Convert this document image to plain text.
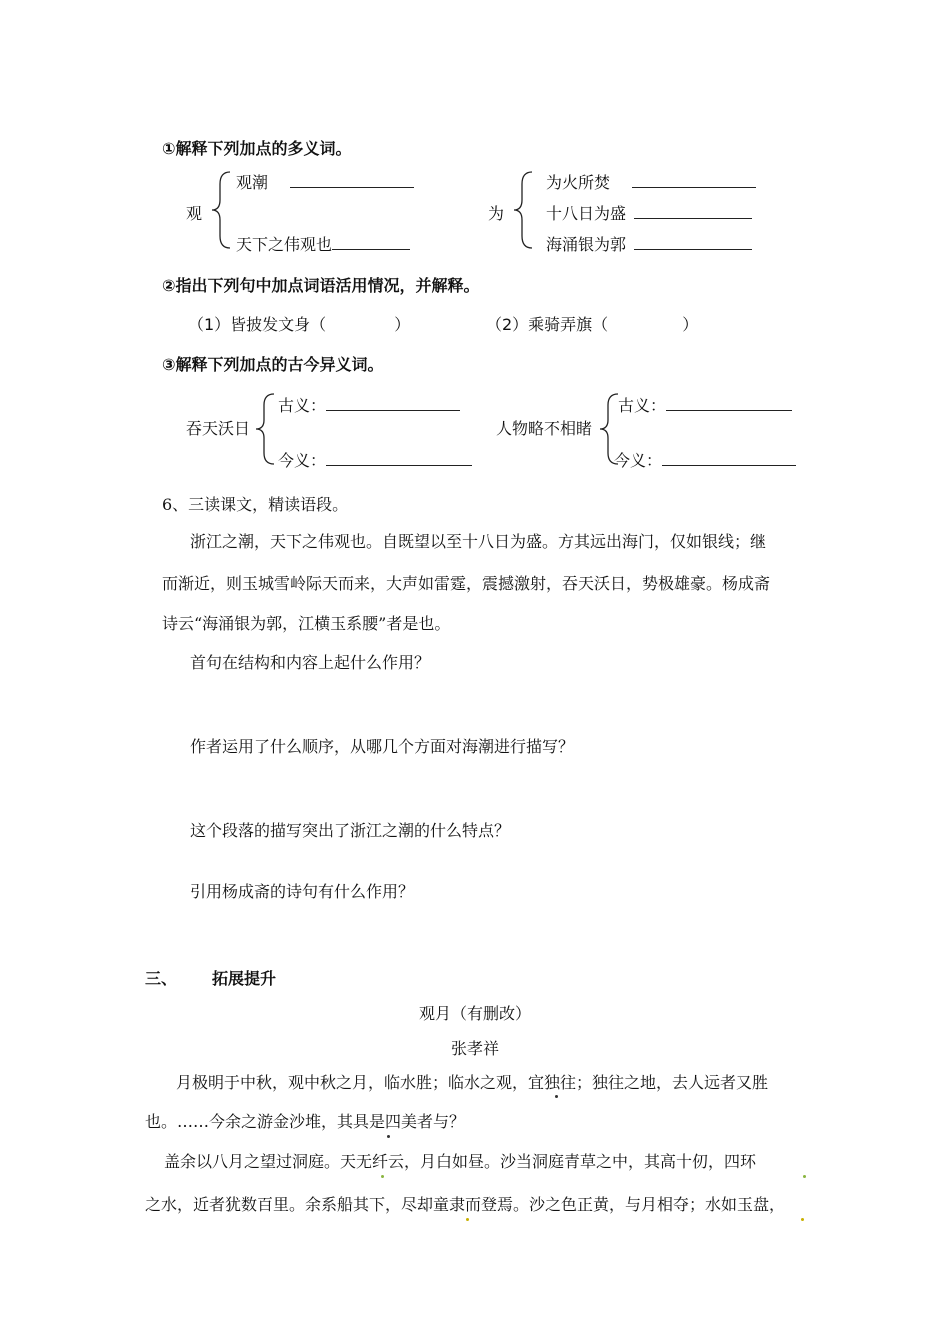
①解释下列加点的多义词。
观
观潮
天下之伟观也
为
为火所焚
十八日为盛
海涌银为郭
②指出下列句中加点词语活用情况，并解释。
（1）皆披发文身（	）	（2）乘骑弄旗（	）
③解释下列加点的古今异义词。
吞天沃日
古义：
今义：
人物略不相睹
古义：
今义：
6、三读课文，精读语段。
浙江之潮，天下之伟观也。自既望以至十八日为盛。方其远出海门，仅如银线；继
而渐近，则玉城雪岭际天而来，大声如雷霆，震撼激射，吞天沃日，势极雄豪。杨成斋
诗云“海涌银为郭，江横玉系腰”者是也。
首句在结构和内容上起什么作用？
作者运用了什么顺序，从哪几个方面对海潮进行描写？
这个段落的描写突出了浙江之潮的什么特点？
引用杨成斋的诗句有什么作用？
三、 拓展提升
观月（有删改）
张孝祥
月极明于中秋，观中秋之月，临水胜；临水之观，宜独往；独往之地，去人远者又胜
也。……今余之游金沙堆，其具是四美者与？
盖余以八月之望过洞庭。天无纤云，月白如昼。沙当洞庭青草之中，其高十仞，四环
之水，近者犹数百里。余系船其下，尽却童隶而登焉。沙之色正黄，与月相夺；水如玉盘，
